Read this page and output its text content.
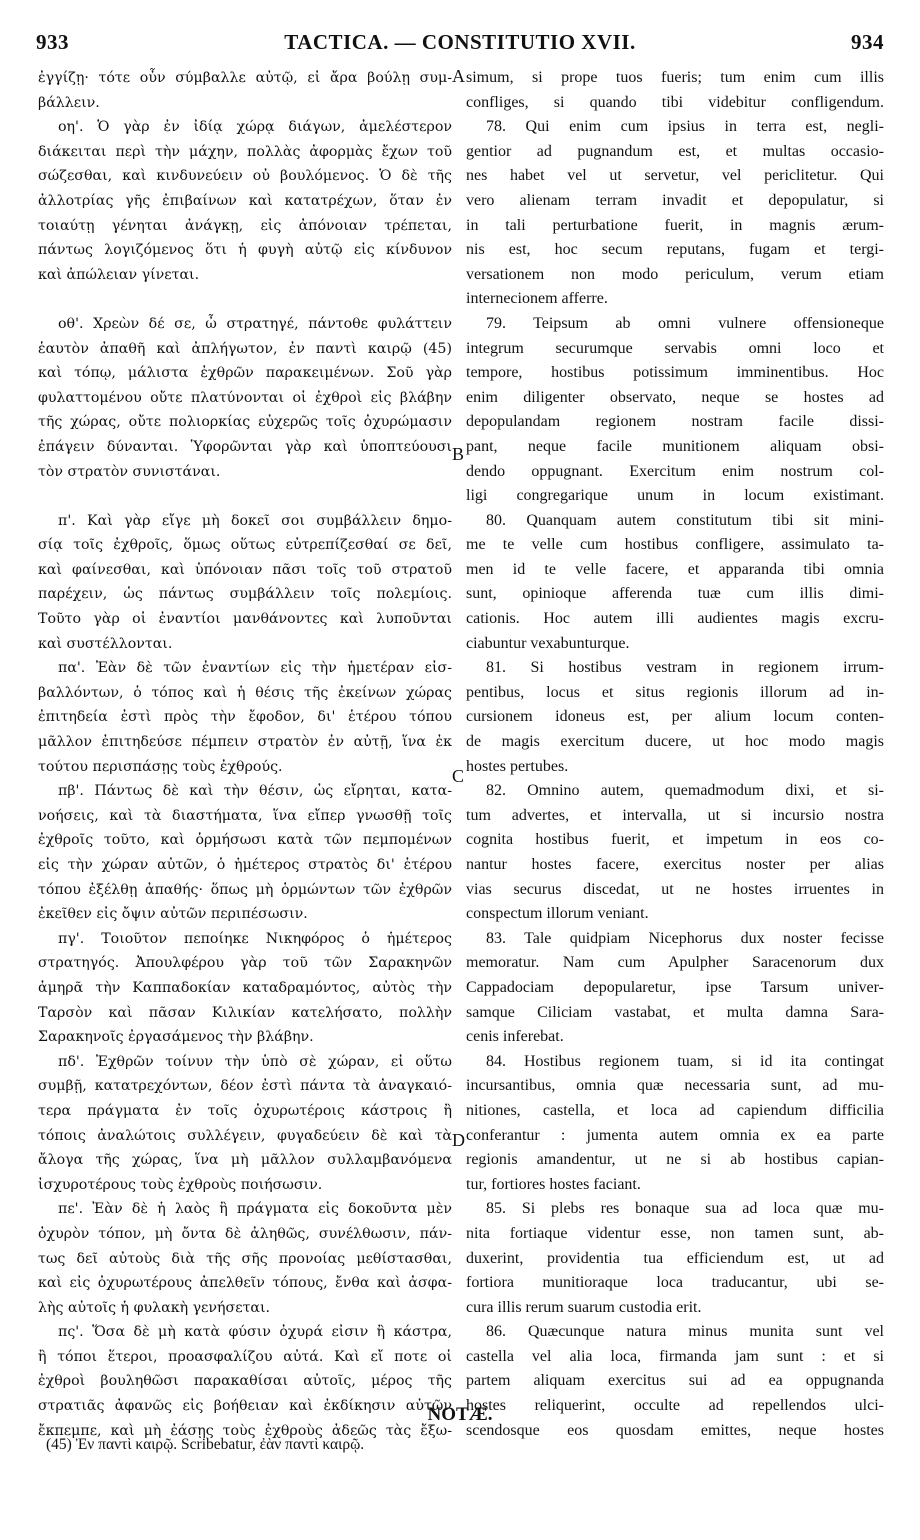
933	TACTICA. — CONSTITUTIO XVII.	934
ἐγγίζῃ· τότε οὖν σύμβαλλε αὐτῷ, εἰ ἄρα βούλῃ συμ-
βάλλειν.
οη'. Ὁ γὰρ ἐν ἰδίᾳ χώρᾳ διάγων, ἀμελέστερον
διάκειται περὶ τὴν μάχην, πολλὰς ἀφορμὰς ἔχων τοῦ
σώζεσθαι, καὶ κινδυνεύειν οὐ βουλόμενος. Ὁ δὲ τῆς
ἀλλοτρίας γῆς ἐπιβαίνων καὶ κατατρέχων, ὅταν ἐν
τοιαύτῃ γένηται ἀνάγκῃ, εἰς ἀπόνοιαν τρέπεται,
πάντως λογιζόμενος ὅτι ἡ φυγὴ αὐτῷ εἰς κίνδυνον
καὶ ἀπώλειαν γίνεται.
οθ'. Χρεὼν δέ σε, ὦ στρατηγέ, πάντοθε φυλάττειν
ἑαυτὸν ἀπαθῆ καὶ ἀπλήγωτον, ἐν παντὶ καιρῷ (45)
καὶ τόπῳ, μάλιστα ἐχθρῶν παρακειμένων. Σοῦ γὰρ
φυλαττομένου οὔτε πλατύνονται οἱ ἐχθροὶ εἰς βλάβην
τῆς χώρας, οὔτε πολιορκίας εὐχερῶς τοῖς ὀχυρώμασιν
ἐπάγειν δύνανται. Ὑφορῶνται γὰρ καὶ ὑποπτεύουσι
τὸν στρατὸν συνιστάναι.
π'. Καὶ γὰρ εἴγε μὴ δοκεῖ σοι συμβάλλειν δημο-
σίᾳ τοῖς ἐχθροῖς, ὅμως οὕτως εὐτρεπίζεσθαί σε δεῖ,
καὶ φαίνεσθαι, καὶ ὑπόνοιαν πᾶσι τοῖς τοῦ στρατοῦ
παρέχειν, ὡς πάντως συμβάλλειν τοῖς πολεμίοις.
Τοῦτο γὰρ οἱ ἐναντίοι μανθάνοντες καὶ λυποῦνται
καὶ συστέλλονται.
πα'. Ἐὰν δὲ τῶν ἐναντίων εἰς τὴν ἡμετέραν εἰσ-
βαλλόντων, ὁ τόπος καὶ ἡ θέσις τῆς ἐκείνων χώρας
ἐπιτηδεία ἐστὶ πρὸς τὴν ἔφοδον, δι' ἑτέρου τόπου
μᾶλλον ἐπιτηδεύσε πέμπειν στρατὸν ἐν αὐτῇ, ἵνα ἐκ
τούτου περισπάσῃς τοὺς ἐχθρούς.
πβ'. Πάντως δὲ καὶ τὴν θέσιν, ὡς εἴρηται, κατα-
νοήσεις, καὶ τὰ διαστήματα, ἵνα εἴπερ γνωσθῇ τοῖς
ἐχθροῖς τοῦτο, καὶ ὁρμήσωσι κατὰ τῶν πεμπομένων
εἰς τὴν χώραν αὐτῶν, ὁ ἡμέτερος στρατὸς δι' ἑτέρου
τόπου ἐξέλθῃ ἀπαθής· ὅπως μὴ ὁρμώντων τῶν ἐχθρῶν
ἐκεῖθεν εἰς ὄψιν αὐτῶν περιπέσωσιν.
πγ'. Τοιοῦτον πεποίηκε Νικηφόρος ὁ ἡμέτερος
στρατηγός. Ἀπουλφέρου γὰρ τοῦ τῶν Σαρακηνῶν
ἀμηρᾶ τὴν Καππαδοκίαν καταδραμόντος, αὐτὸς τὴν
Ταρσὸν καὶ πᾶσαν Κιλικίαν κατελήσατο, πολλὴν
Σαρακηνοῖς ἐργασάμενος τὴν βλάβην.
πδ'. Ἐχθρῶν τοίνυν τὴν ὑπὸ σὲ χώραν, εἰ οὕτω
συμβῇ, κατατρεχόντων, δέον ἐστὶ πάντα τὰ ἀναγκαιό-
τερα πράγματα ἐν τοῖς ὀχυρωτέροις κάστροις ἢ
τόποις ἀναλώτοις συλλέγειν, φυγαδεύειν δὲ καὶ τὰ
ἄλογα τῆς χώρας, ἵνα μὴ μᾶλλον συλλαμβανόμενα
ἰσχυροτέρους τοὺς ἐχθροὺς ποιήσωσιν.
πε'. Ἐὰν δὲ ἡ λαὸς ἢ πράγματα εἰς δοκοῦντα μὲν
ὀχυρὸν τόπον, μὴ ὄντα δὲ ἀληθῶς, συνέλθωσιν, πάν-
τως δεῖ αὐτοὺς διὰ τῆς σῆς προνοίας μεθίστασθαι,
καὶ εἰς ὀχυρωτέρους ἀπελθεῖν τόπους, ἔνθα καὶ ἀσφα-
λὴς αὐτοῖς ἡ φυλακὴ γενήσεται.
πς'. Ὅσα δὲ μὴ κατὰ φύσιν ὀχυρά εἰσιν ἢ κάστρα,
ἢ τόποι ἕτεροι, προασφαλίζου αὐτά. Καὶ εἴ ποτε οἱ
ἐχθροὶ βουληθῶσι παρακαθίσαι αὐτοῖς, μέρος τῆς
στρατιᾶς ἀφανῶς εἰς βοήθειαν καὶ ἐκδίκησιν αὐτῶν
ἔκπεμπε, καὶ μὴ ἐάσῃς τοὺς ἐχθροὺς ἀδεῶς τὰς ἔξω-
simum, si prope tuos fueris; tum enim cum illis
confliges, si quando tibi videbitur confligendum.
78. Qui enim cum ipsius in terra est, negli-
gentior ad pugnandum est, et multas occasio-
nes habet vel ut servetur, vel periclitetur. Qui
vero alienam terram invadit et depopulatur, si
in tali perturbatione fuerit, in magnis ærum-
nis est, hoc secum reputans, fugam et tergi-
versationem non modo periculum, verum etiam
internecionem afferre.
79. Teipsum ab omni vulnere offensioneque
integrum securumque servabis omni loco et
tempore, hostibus potissimum imminentibus. Hoc
enim diligenter observato, neque se hostes ad
depopulandam regionem nostram facile dissi-
pant, neque facile munitionem aliquam obsi-
dendo oppugnant. Exercitum enim nostrum col-
ligi congregarique unum in locum existimant.
80. Quanquam autem constitutum tibi sit mini-
me te velle cum hostibus confligere, assimulato ta-
men id te velle facere, et apparanda tibi omnia
sunt, opinioque afferenda tuæ cum illis dimi-
cationis. Hoc autem illi audientes magis excru-
ciabuntur vexabunturque.
81. Si hostibus vestram in regionem irrum-
pentibus, locus et situs regionis illorum ad in-
cursionem idoneus est, per alium locum conten-
de magis exercitum ducere, ut hoc modo magis
hostes pertubes.
82. Omnino autem, quemadmodum dixi, et si-
tum advertes, et intervalla, ut si incursio nostra
cognita hostibus fuerit, et impetum in eos co-
nantur hostes facere, exercitus noster per alias
vias securus discedat, ut ne hostes irruentes in
conspectum illorum veniant.
83. Tale quidpiam Nicephorus dux noster fecisse
memoratur. Nam cum Apulpher Saracenorum dux
Cappadociam depopularetur, ipse Tarsum univer-
samque Ciliciam vastabat, et multa damna Sara-
cenis inferebat.
84. Hostibus regionem tuam, si id ita contingat
incursantibus, omnia quæ necessaria sunt, ad mu-
nitiones, castella, et loca ad capiendum difficilia
conferantur : jumenta autem omnia ex ea parte
regionis amandentur, ut ne si ab hostibus capian-
tur, fortiores hostes faciant.
85. Si plebs res bonaque sua ad loca quæ mu-
nita fortiaque videntur esse, non tamen sunt, ab-
duxerint, providentia tua efficiendum est, ut ad
fortiora munitioraque loca traducantur, ubi se-
cura illis rerum suarum custodia erit.
86. Quæcunque natura minus munita sunt vel
castella vel alia loca, firmanda jam sunt : et si
partem aliquam exercitus sui ad ea oppugnanda
hostes reliquerint, occulte ad repellendos ulci-
scendosque eos quosdam emittes, neque hostes
A
B
C
D
NOTÆ.
(45) Ἐν παντὶ καιρῷ. Scribebatur, ἐὰν παντὶ καιρῷ.
